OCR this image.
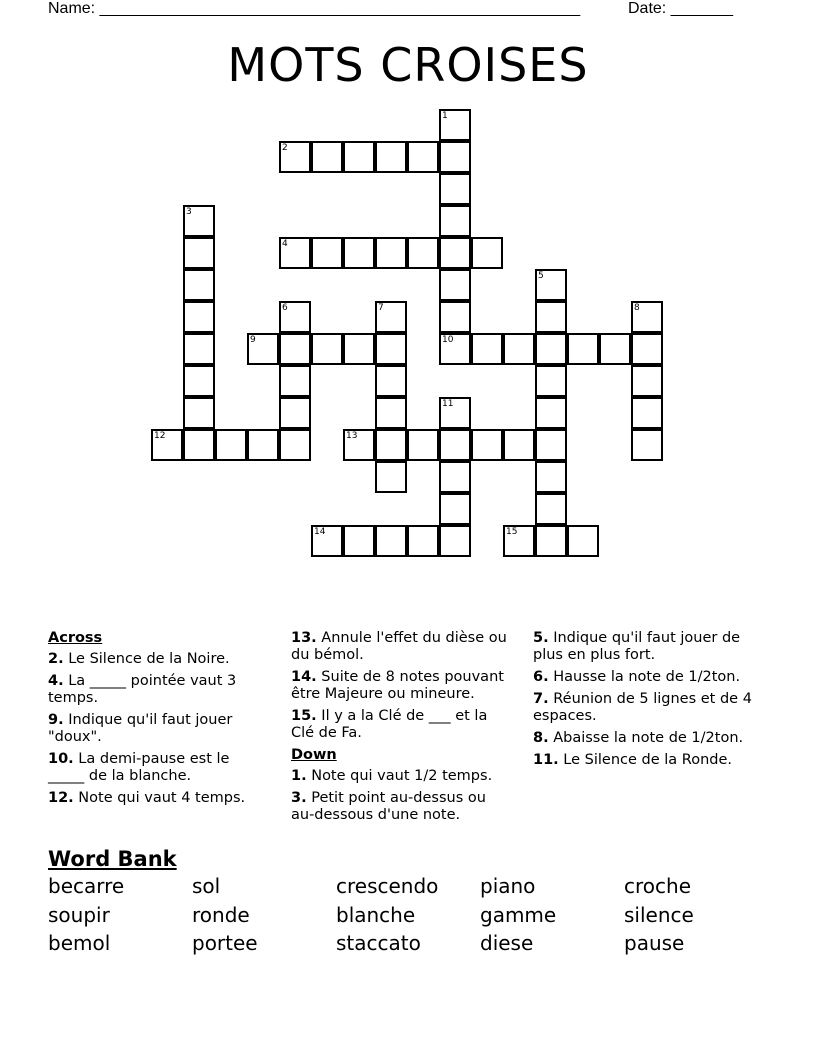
Name: ______________________________________________________	Date: _______
MOTS CROISES
1
10
2
3
4
5
6	7	8
9
11
12	13
14	15
Across
2. Le Silence de la Noire.
4. La _____ pointée vaut 3 temps.
9. Indique qu'il faut jouer "doux".
10. La demi-pause est le _____ de la blanche.
12. Note qui vaut 4 temps.
13. Annule l'effet du dièse ou du bémol.
14. Suite de 8 notes pouvant être Majeure ou mineure.
15. Il y a la Clé de ___ et la Clé de Fa.
Down
1. Note qui vaut 1/2 temps.
3. Petit point au-dessus ou au-dessous d'une note.
5. Indique qu'il faut jouer de plus en plus fort.
6. Hausse la note de 1/2ton.
7. Réunion de 5 lignes et de 4 espaces.
8. Abaisse la note de 1/2ton.
11. Le Silence de la Ronde.
Word Bank
becarre	sol	crescendo piano	croche
soupir	ronde	blanche	gamme	silence
bemol	portee	staccato	diese	pause
